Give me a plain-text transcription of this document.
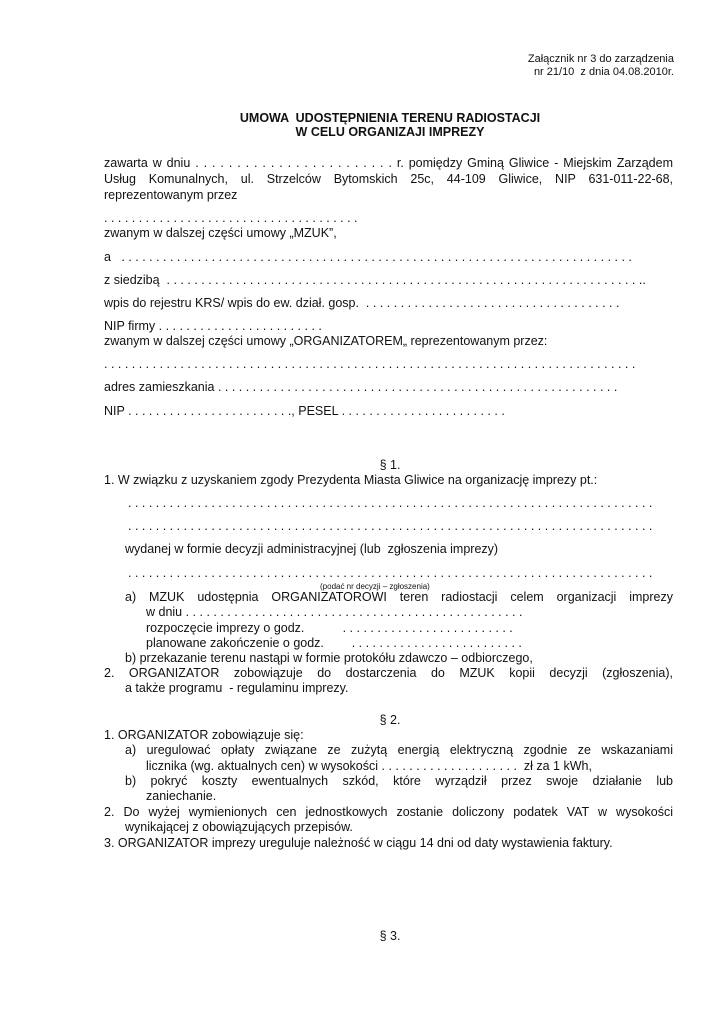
Załącznik nr 3 do zarządzenia
nr 21/10  z dnia 04.08.2010r.
UMOWA  UDOSTĘPNIENIA TERENU RADIOSTACJI
W CELU ORGANIZAJI IMPREZY
zawarta w dniu . . . . . . . . . . . . . . . . . . . . . . . . r. pomiędzy Gminą Gliwice - Miejskim Zarządem
Usług Komunalnych, ul. Strzelców Bytomskich 25c, 44-109 Gliwice, NIP 631-011-22-68,
reprezentowanym przez
. . . . . . . . . . . . . . . . . . . . . . . . . . . . . . . . . . . . .
zwanym w dalszej części umowy „MZUK”,
a   . . . . . . . . . . . . . . . . . . . . . . . . . . . . . . . . . . . . . . . . . . . . . . . . . . . . . . . . . . . . . . . . . . . . . . . . . .
z siedzibą  . . . . . . . . . . . . . . . . . . . . . . . . . . . . . . . . . . . . . . . . . . . . . . . . . . . . . . . . . . . . . . . . . . . . ..
wpis do rejestru KRS/ wpis do ew. dział. gosp.  . . . . . . . . . . . . . . . . . . . . . . . . . . . . . . . . . . . . .
NIP firmy . . . . . . . . . . . . . . . . . . . . . . . .
zwanym w dalszej części umowy „ORGANIZATOREM„ reprezentowanym przez:
. . . . . . . . . . . . . . . . . . . . . . . . . . . . . . . . . . . . . . . . . . . . . . . . . . . . . . . . . . . . . . . . . . . . . . . . . . . . .
adres zamieszkania . . . . . . . . . . . . . . . . . . . . . . . . . . . . . . . . . . . . . . . . . . . . . . . . . . . . . . . . . .
NIP . . . . . . . . . . . . . . . . . . . . . . . ., PESEL . . . . . . . . . . . . . . . . . . . . . . . .
§ 1.
1. W związku z uzyskaniem zgody Prezydenta Miasta Gliwice na organizację imprezy pt.:
. . . . . . . . . . . . . . . . . . . . . . . . . . . . . . . . . . . . . . . . . . . . . . . . . . . . . . . . . . . . . . . . . . . . . . . . . . . .
. . . . . . . . . . . . . . . . . . . . . . . . . . . . . . . . . . . . . . . . . . . . . . . . . . . . . . . . . . . . . . . . . . . . . . . . . . . .
wydanej w formie decyzji administracyjnej (lub  zgłoszenia imprezy)
. . . . . . . . . . . . . . . . . . . . . . . . . . . . . . . . . . . . . . . . . . . . . . . . . . . . . . . . . . . . . . . . . . . . . . . . . . . .
(podać nr decyzji – zgłoszenia)
a) MZUK udostępnia ORGANIZATOROWI teren radiostacji celem organizacji imprezy
w dniu . . . . . . . . . . . . . . . . . . . . . . . . . . . . . . . . . . . . . . . . . . . . . . . . .
rozpoczęcie imprezy o godz.           . . . . . . . . . . . . . . . . . . . . . . . . .
planowane zakończenie o godz.        . . . . . . . . . . . . . . . . . . . . . . . . .
b) przekazanie terenu nastąpi w formie protokółu zdawczo – odbiorczego,
2. ORGANIZATOR zobowiązuje do dostarczenia do MZUK kopii decyzji (zgłoszenia),
a także programu  - regulaminu imprezy.
§ 2.
1. ORGANIZATOR zobowiązuje się:
a) uregulować opłaty związane ze zużytą energią elektryczną zgodnie ze wskazaniami
licznika (wg. aktualnych cen) w wysokości . . . . . . . . . . . . . . . . . . . .  zł za 1 kWh,
b) pokryć koszty ewentualnych szkód, które wyrządził przez swoje działanie lub
zaniechanie.
2. Do wyżej wymienionych cen jednostkowych zostanie doliczony podatek VAT w wysokości
wynikającej z obowiązujących przepisów.
3. ORGANIZATOR imprezy ureguluje należność w ciągu 14 dni od daty wystawienia faktury.
§ 3.
